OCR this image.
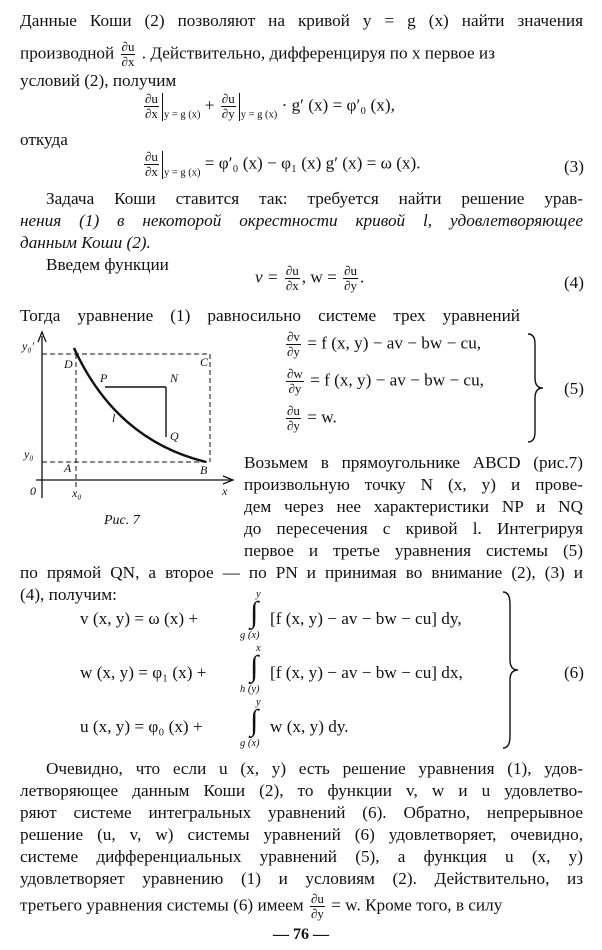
Данные Коши (2) позволяют на кривой y = g (x) найти значения
производной $\frac{\partial u}{\partial x}$ . Действительно, дифференцируя по x первое из
условий (2), получим
$\frac{\partial u}{\partial x} _{y = g (x)} + \frac{\partial u}{\partial y} _{y = g (x)} \cdot g'$ (x) = φ′₀ (x),
откуда
$\frac{\partial u}{\partial x} _{y = g (x)} = \varphi'_0$ (x) − φ₁ (x) g′ (x) = ω (x).	(3)
Задача Коши ставится так: требуется найти решение урав-
нения (1) в некоторой окрестности кривой l, удовлетворяющее
данным Коши (2).
Введем функции
$v = \frac{\partial u}{\partial x}$ , $w = \frac{\partial u}{\partial y}$ .	(4)
Тогда уравнение (1) равносильно системе трех уравнений
$\frac{\partial v}{\partial y} = f$ (x, y) − av − bw − cu,
$\frac{\partial w}{\partial y} = f$ (x, y) − av − bw − cu,
$\frac{\partial u}{\partial y} = w$.
(5)
y₀′
D	C
P	N
l
Q
y₀
A	B
0	x₀	x
Рис. 7
Возьмем в прямоугольнике ABCD (рис.7)
произвольную точку N (x, y) и прове-
дем через нее характеристики NP и NQ
до пересечения с кривой l. Интегрируя
первое и третье уравнения системы (5)
по прямой QN, а второе — по PN и принимая во внимание (2), (3) и
(4), получим:
v (x, y) = ω (x) +
y
∫
g (x)
[f (x, y) − av − bw − cu] dy,
w (x, y) = φ₁ (x) +
x
∫
h (y)
[f (x, y) − av − bw − cu] dx,
u (x, y) = φ₀ (x) +
y
∫
g (x)
w (x, y) dy.
(6)
Очевидно, что если u (x, y) есть решение уравнения (1), удов-
летворяющее данным Коши (2), то функции v, w и u удовлетво-
ряют системе интегральных уравнений (6). Обратно, непрерывное
решение (u, v, w) системы уравнений (6) удовлетворяет, очевидно,
системе дифференциальных уравнений (5), а функция u (x, y)
удовлетворяет уравнению (1) и условиям (2). Действительно, из
третьего уравнения системы (6) имеем $\frac{\partial u}{\partial y} = w$. Кроме того, в силу
— 76 —
